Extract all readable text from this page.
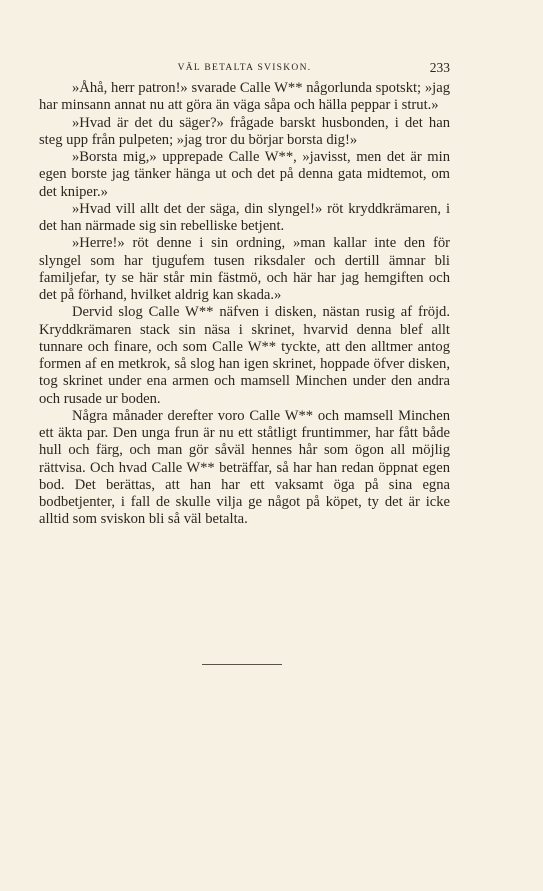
VÄL BETALTA SVISKON.	233

»Åhå, herr patron!» svarade Calle W** någorlunda spotskt; »jag har minsann annat nu att göra än väga såpa och hälla peppar i strut.»

»Hvad är det du säger?» frågade barskt husbonden, i det han steg upp från pulpeten; »jag tror du börjar borsta dig!»

»Borsta mig,» upprepade Calle W**, »javisst, men det är min egen borste jag tänker hänga ut och det på denna gata midtemot, om det kniper.»

»Hvad vill allt det der säga, din slyngel!» röt kryddkrämaren, i det han närmade sig sin rebelliske betjent.

»Herre!» röt denne i sin ordning, »man kallar inte den för slyngel som har tjugufem tusen riksdaler och dertill ämnar bli familjefar, ty se här står min fästmö, och här har jag hemgiften och det på förhand, hvilket aldrig kan skada.»

Dervid slog Calle W** näfven i disken, nästan rusig af fröjd. Kryddkrämaren stack sin näsa i skrinet, hvarvid denna blef allt tunnare och finare, och som Calle W** tyckte, att den alltmer antog formen af en metkrok, så slog han igen skrinet, hoppade öfver disken, tog skrinet under ena armen och mamsell Minchen under den andra och rusade ur boden.

Några månader derefter voro Calle W** och mamsell Minchen ett äkta par. Den unga frun är nu ett ståtligt fruntimmer, har fått både hull och färg, och man gör såväl hennes hår som ögon all möjlig rättvisa. Och hvad Calle W** beträffar, så har han redan öppnat egen bod. Det berättas, att han har ett vaksamt öga på sina egna bodbetjenter, i fall de skulle vilja ge något på köpet, ty det är icke alltid som sviskon bli så väl betalta.
